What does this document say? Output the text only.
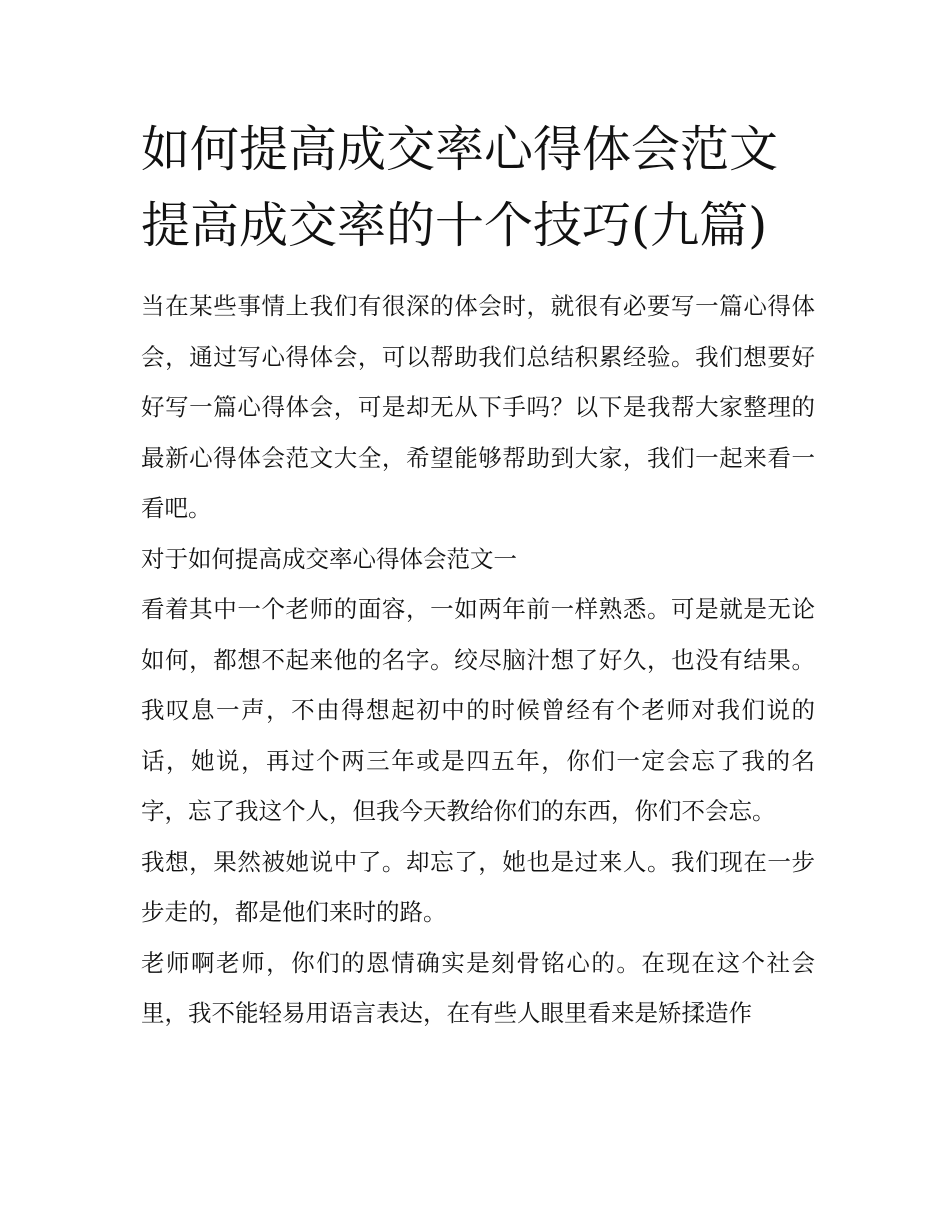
如何提高成交率心得体会范文
提高成交率的十个技巧(九篇)

当在某些事情上我们有很深的体会时，就很有必要写一篇心得体会，通过写心得体会，可以帮助我们总结积累经验。我们想要好好写一篇心得体会，可是却无从下手吗？以下是我帮大家整理的最新心得体会范文大全，希望能够帮助到大家，我们一起来看一看吧。

对于如何提高成交率心得体会范文一

看着其中一个老师的面容，一如两年前一样熟悉。可是就是无论如何，都想不起来他的名字。绞尽脑汁想了好久，也没有结果。我叹息一声，不由得想起初中的时候曾经有个老师对我们说的话，她说，再过个两三年或是四五年，你们一定会忘了我的名字，忘了我这个人，但我今天教给你们的东西，你们不会忘。

我想，果然被她说中了。却忘了，她也是过来人。我们现在一步步走的，都是他们来时的路。

老师啊老师，你们的恩情确实是刻骨铭心的。在现在这个社会里，我不能轻易用语言表达，在有些人眼里看来是矫揉造作
